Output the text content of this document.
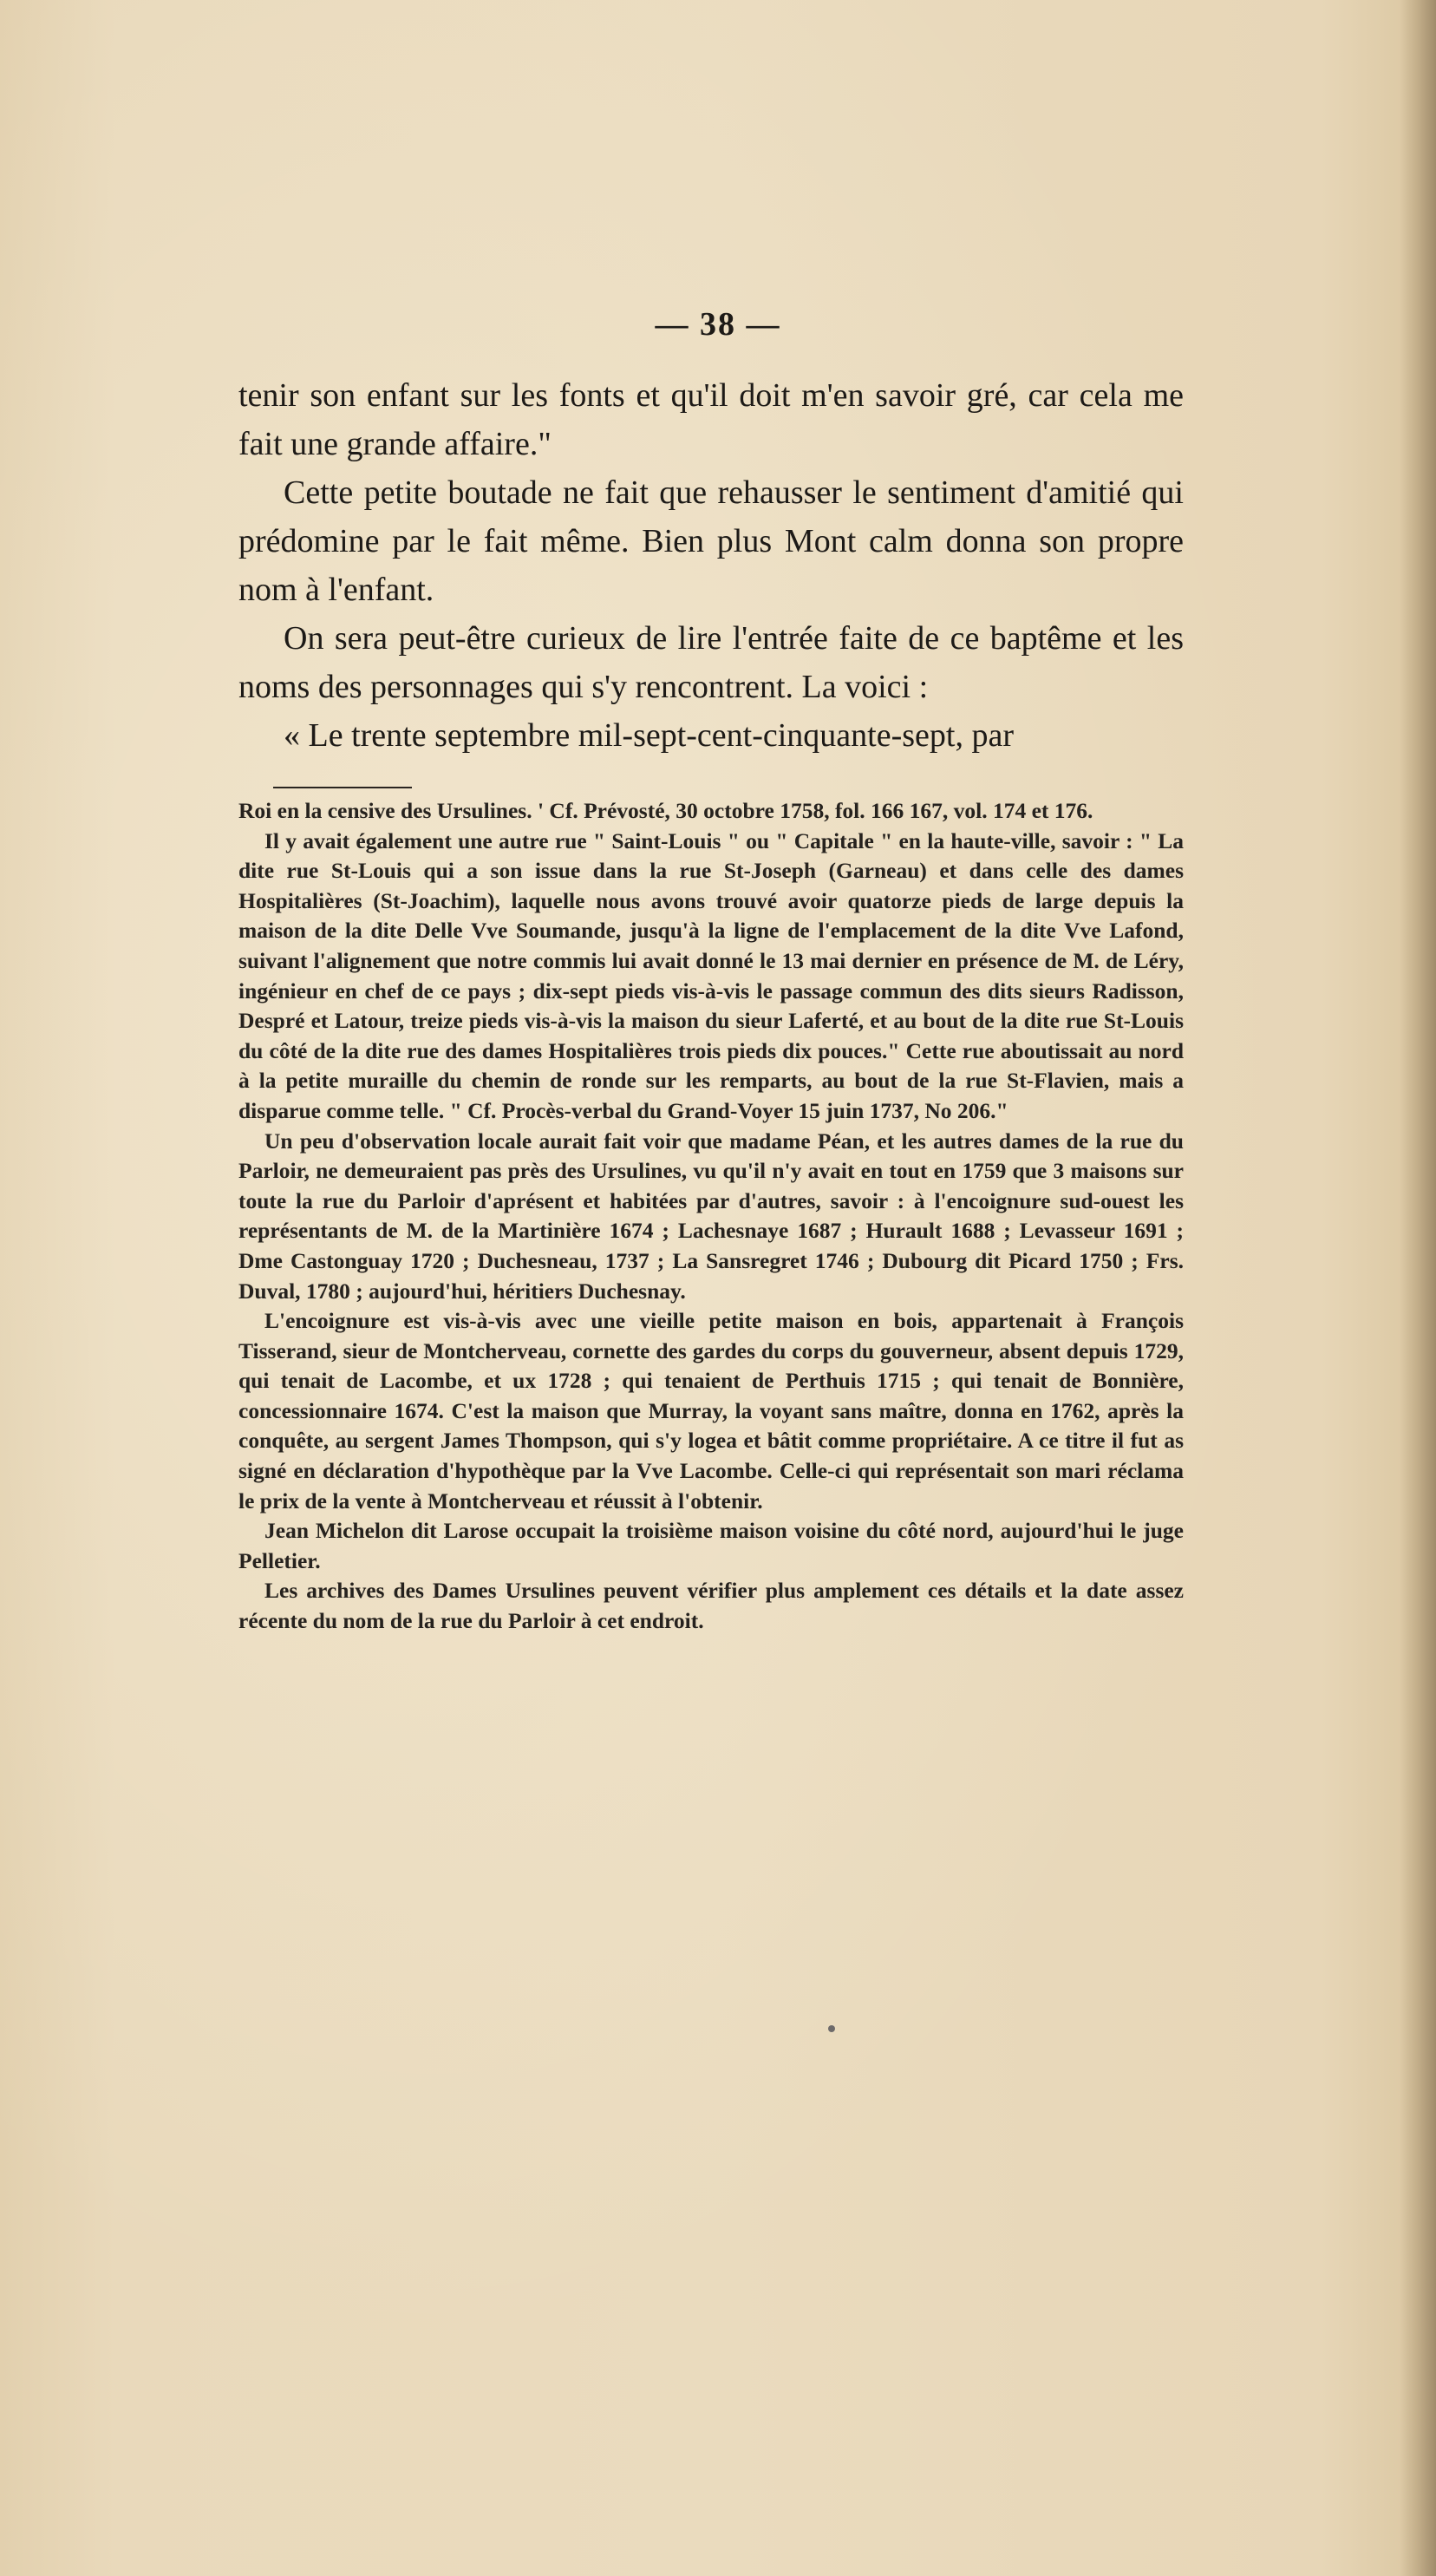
— 38 —

tenir son enfant sur les fonts et qu'il doit m'en savoir gré, car cela me fait une grande affaire."

Cette petite boutade ne fait que rehausser le sentiment d'amitié qui prédomine par le fait même. Bien plus Mont calm donna son propre nom à l'enfant.

On sera peut-être curieux de lire l'entrée faite de ce baptême et les noms des personnages qui s'y rencontrent. La voici :

« Le trente septembre mil-sept-cent-cinquante-sept, par

Roi en la censive des Ursulines. ' Cf. Prévosté, 30 octobre 1758, fol. 166 167, vol. 174 et 176.

Il y avait également une autre rue " Saint-Louis " ou " Capitale " en la haute-ville, savoir : " La dite rue St-Louis qui a son issue dans la rue St-Joseph (Garneau) et dans celle des dames Hospitalières (St-Joachim), laquelle nous avons trouvé avoir quatorze pieds de large depuis la maison de la dite Delle Vve Soumande, jusqu'à la ligne de l'emplacement de la dite Vve Lafond, suivant l'alignement que notre commis lui avait donné le 13 mai dernier en présence de M. de Léry, ingénieur en chef de ce pays ; dix-sept pieds vis-à-vis le passage commun des dits sieurs Radisson, Despré et Latour, treize pieds vis-à-vis la maison du sieur Laferté, et au bout de la dite rue St-Louis du côté de la dite rue des dames Hospitalières trois pieds dix pouces." Cette rue aboutissait au nord à la petite muraille du chemin de ronde sur les remparts, au bout de la rue St-Flavien, mais a disparue comme telle. " Cf. Procès-verbal du Grand-Voyer 15 juin 1737, No 206."

Un peu d'observation locale aurait fait voir que madame Péan, et les autres dames de la rue du Parloir, ne demeuraient pas près des Ursulines, vu qu'il n'y avait en tout en 1759 que 3 maisons sur toute la rue du Parloir d'aprésent et habitées par d'autres, savoir : à l'encoignure sud-ouest les représentants de M. de la Martinière 1674 ; Lachesnaye 1687 ; Hurault 1688 ; Levasseur 1691 ; Dme Castonguay 1720 ; Duchesneau, 1737 ; La Sansregret 1746 ; Dubourg dit Picard 1750 ; Frs. Duval, 1780 ; aujourd'hui, héritiers Duchesnay.

L'encoignure est vis-à-vis avec une vieille petite maison en bois, appartenait à François Tisserand, sieur de Montcherveau, cornette des gardes du corps du gouverneur, absent depuis 1729, qui tenait de Lacombe, et ux 1728 ; qui tenaient de Perthuis 1715 ; qui tenait de Bonnière, concessionnaire 1674. C'est la maison que Murray, la voyant sans maître, donna en 1762, après la conquête, au sergent James Thompson, qui s'y logea et bâtit comme propriétaire. A ce titre il fut as signé en déclaration d'hypothèque par la Vve Lacombe. Celle-ci qui représentait son mari réclama le prix de la vente à Montcherveau et réussit à l'obtenir.

Jean Michelon dit Larose occupait la troisième maison voisine du côté nord, aujourd'hui le juge Pelletier.

Les archives des Dames Ursulines peuvent vérifier plus amplement ces détails et la date assez récente du nom de la rue du Parloir à cet endroit.
